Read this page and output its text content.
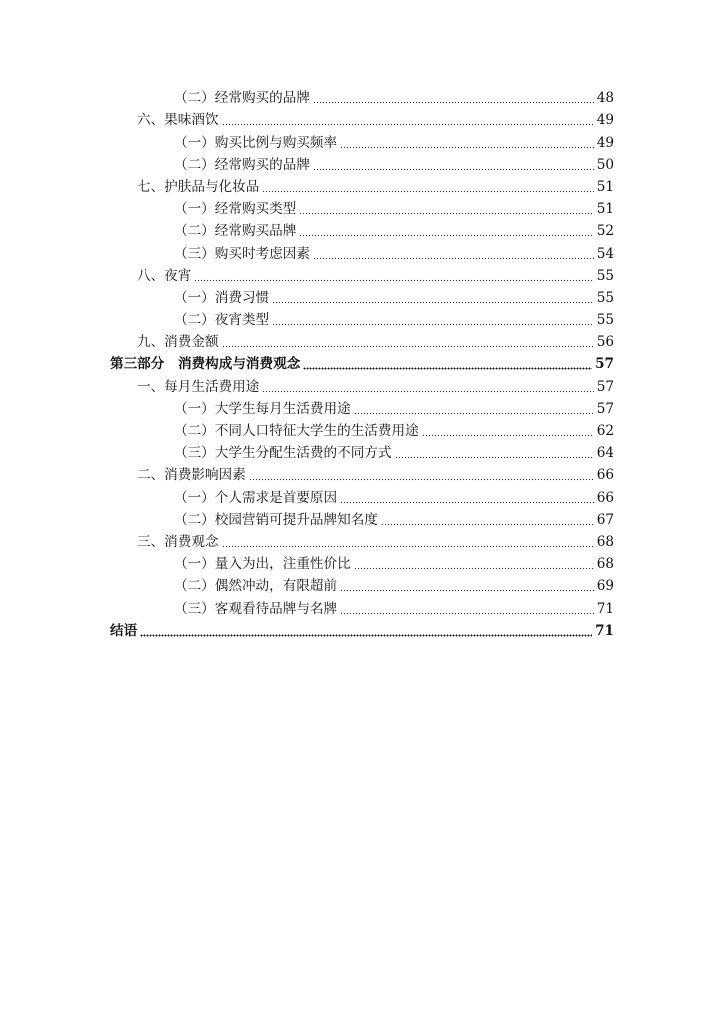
（二）经常购买的品牌	48
六、果味酒饮	49
（一）购买比例与购买频率	49
（二）经常购买的品牌	50
七、护肤品与化妆品	51
（一）经常购买类型	51
（二）经常购买品牌	52
（三）购买时考虑因素	54
八、夜宵	55
（一）消费习惯	55
（二）夜宵类型	55
九、消费金额	56
第三部分　消费构成与消费观念	57
一、每月生活费用途	57
（一）大学生每月生活费用途	57
（二）不同人口特征大学生的生活费用途	62
（三）大学生分配生活费的不同方式	64
二、消费影响因素	66
（一）个人需求是首要原因	66
（二）校园营销可提升品牌知名度	67
三、消费观念	68
（一）量入为出，注重性价比	68
（二）偶然冲动，有限超前	69
（三）客观看待品牌与名牌	71
结语	71
